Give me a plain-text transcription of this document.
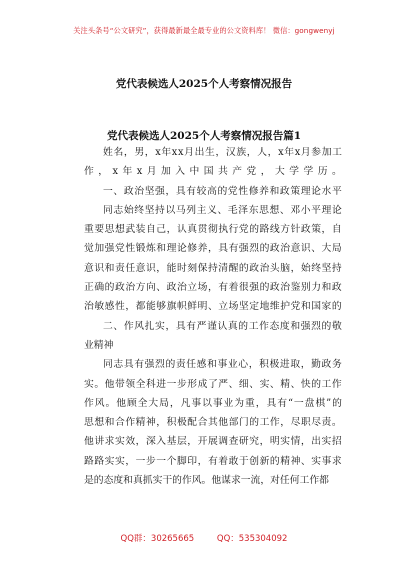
关注头条号“公文研究”，获得最新最全最专业的公文资料库！ 微信：gongwenyj
党代表候选人2025个人考察情况报告
党代表候选人2025个人考察情况报告篇1
姓 名 ， 男 ， x 年 x x 月 出 生 ， 汉 族 ， 人 ， x 年 x 月 参 加 工
作 ， x 年 x 月 加 入 中 国 共 产 党 ， 大 学 学 历 。
一 、 政 治 坚 强 ， 具 有 较 高 的 党 性 修 养 和 政 策 理 论 水 平
同 志 始 终 坚 持 以 马 列 主 义 、 毛 泽 东 思 想 、 邓 小 平 理 论
重 要 思 想 武 装 自 己 ， 认 真 贯 彻 执 行 党 的 路 线 方 针 政 策 ， 自
觉 加 强 党 性 锻 炼 和 理 论 修 养 ， 具 有 强 烈 的 政 治 意 识 、 大 局
意 识 和 责 任 意 识 ， 能 时 刻 保 持 清 醒 的 政 治 头 脑 ， 始 终 坚 持
正 确 的 政 治 方 向 、 政 治 立 场 ， 有 着 很 强 的 政 治 鉴 别 力 和 政
治 敏 感 性 ， 都 能 够 旗 帜 鲜 明 、 立 场 坚 定 地 维 护 党 和 国 家 的
二 、 作 风 扎 实 ， 具 有 严 谨 认 真 的 工 作 态 度 和 强 烈 的 敬
业精神
同 志 具 有 强 烈 的 责 任 感 和 事 业 心 ， 积 极 进 取 ， 勤 政 务
实 。 他 带 领 全 科 进 一 步 形 成 了 严 、 细 、 实 、 精 、 快 的 工 作
作 风 。 他 顾 全 大 局 ， 凡 事 以 事 业 为 重 ， 具 有 “ 一 盘 棋 ” 的
思 想 和 合 作 精 神 ， 积 极 配 合 其 他 部 门 的 工 作 ， 尽 职 尽 责 。
他 讲 求 实 效 ， 深 入 基 层 ， 开 展 调 查 研 究 ， 明 实 情 ， 出 实 招
路 路 实 实 ， 一 步 一 个 脚 印 ， 有 着 敢 于 创 新 的 精 神 、 实 事 求
是的态度和真抓实干的作风。他谋求一流，对任何工作都
QQ群：30265665	QQ：535304092
